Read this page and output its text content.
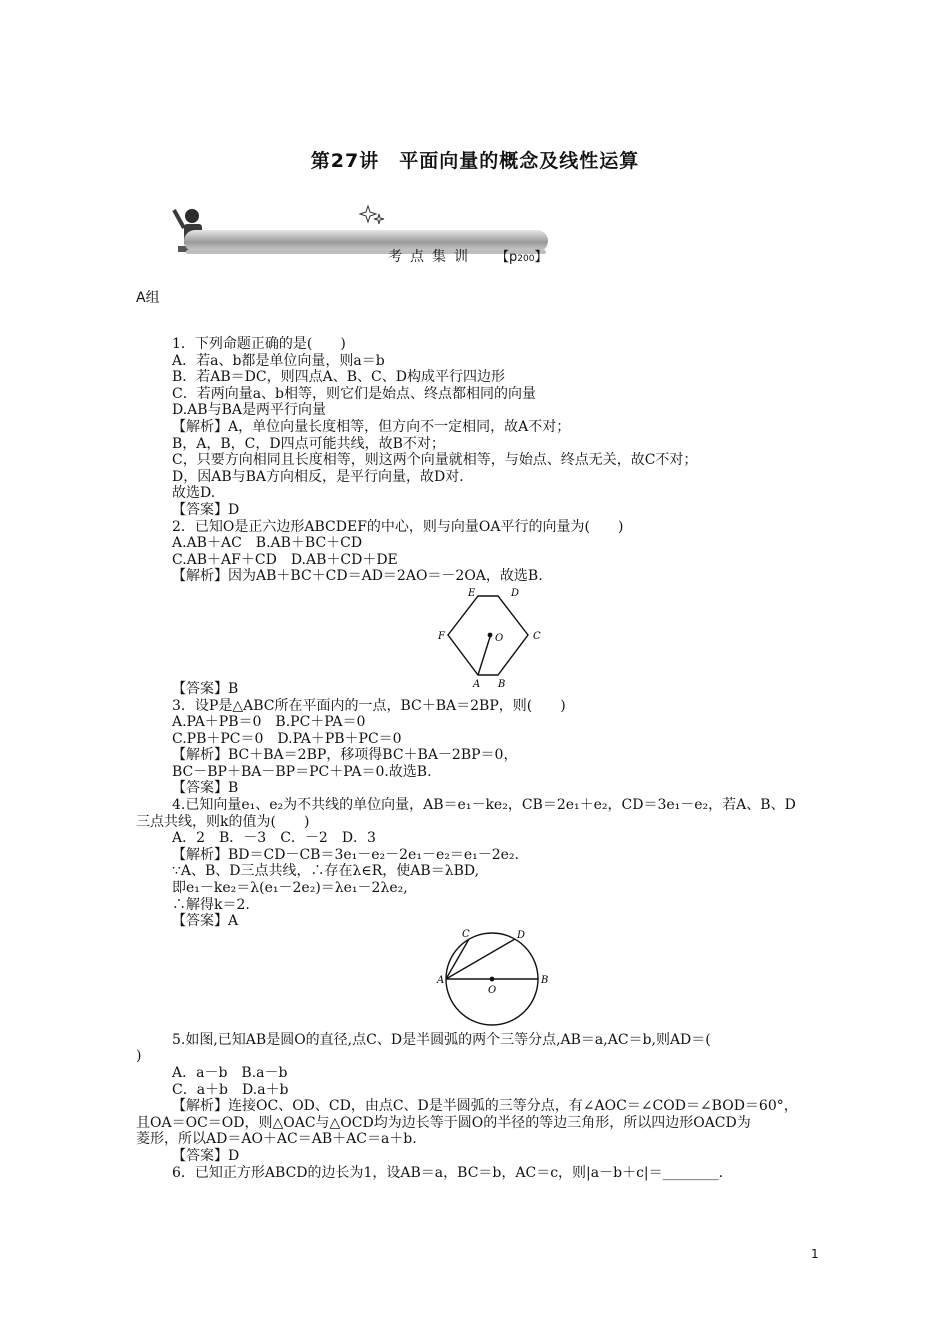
第27讲　平面向量的概念及线性运算
考点集训 【p200】
A组
1．下列命题正确的是(　　)
A．若a、b都是单位向量，则a＝b
B．若AB＝DC，则四点A、B、C、D构成平行四边形
C．若两向量a、b相等，则它们是始点、终点都相同的向量
D.AB与BA是两平行向量
【解析】A，单位向量长度相等，但方向不一定相同，故A不对；
B，A，B，C，D四点可能共线，故B不对；
C，只要方向相同且长度相等，则这两个向量就相等，与始点、终点无关，故C不对；
D，因AB与BA方向相反，是平行向量，故D对.
故选D.
【答案】D
2．已知O是正六边形ABCDEF的中心，则与向量OA平行的向量为(　　)
A.AB＋AC　B.AB＋BC＋CD
C.AB＋AF＋CD　D.AB＋CD＋DE
【解析】因为AB＋BC＋CD＝AD＝2AO＝－2OA，故选B.
A B
C
D
E
F	O
【答案】B
3．设P是△ABC所在平面内的一点，BC＋BA＝2BP，则(　　)
A.PA＋PB＝0　B.PC＋PA＝0
C.PB＋PC＝0　D.PA＋PB＋PC＝0
【解析】BC＋BA＝2BP，移项得BC＋BA－2BP＝0，
BC－BP＋BA－BP＝PC＋PA＝0.故选B.
【答案】B
4.已知向量e₁、e₂为不共线的单位向量，AB＝e₁－ke₂，CB＝2e₁＋e₂，CD＝3e₁－e₂，若A、B、D
三点共线，则k的值为(　　)
A．2　B．－3　C．－2　D．3
【解析】BD＝CD－CB＝3e₁－e₂－2e₁－e₂＝e₁－2e₂.
∵A、B、D三点共线，∴存在λ∈R，使AB＝λBD,
即e₁－ke₂＝λ(e₁－2e₂)＝λe₁－2λe₂,
∴解得k＝2.
【答案】A
C	D
A	B
O
5.如图,已知AB是圆O的直径,点C、D是半圆弧的两个三等分点,AB＝a,AC＝b,则AD＝(
)
A．a－b　B.a－b
C．a＋b　D.a＋b
【解析】连接OC、OD、CD，由点C、D是半圆弧的三等分点，有∠AOC＝∠COD＝∠BOD＝60°，
且OA＝OC＝OD，则△OAC与△OCD均为边长等于圆O的半径的等边三角形，所以四边形OACD为
菱形，所以AD＝AO＋AC＝AB＋AC＝a＋b.
【答案】D
6．已知正方形ABCD的边长为1，设AB＝a，BC＝b，AC＝c，则|a－b＋c|＝________.
1
